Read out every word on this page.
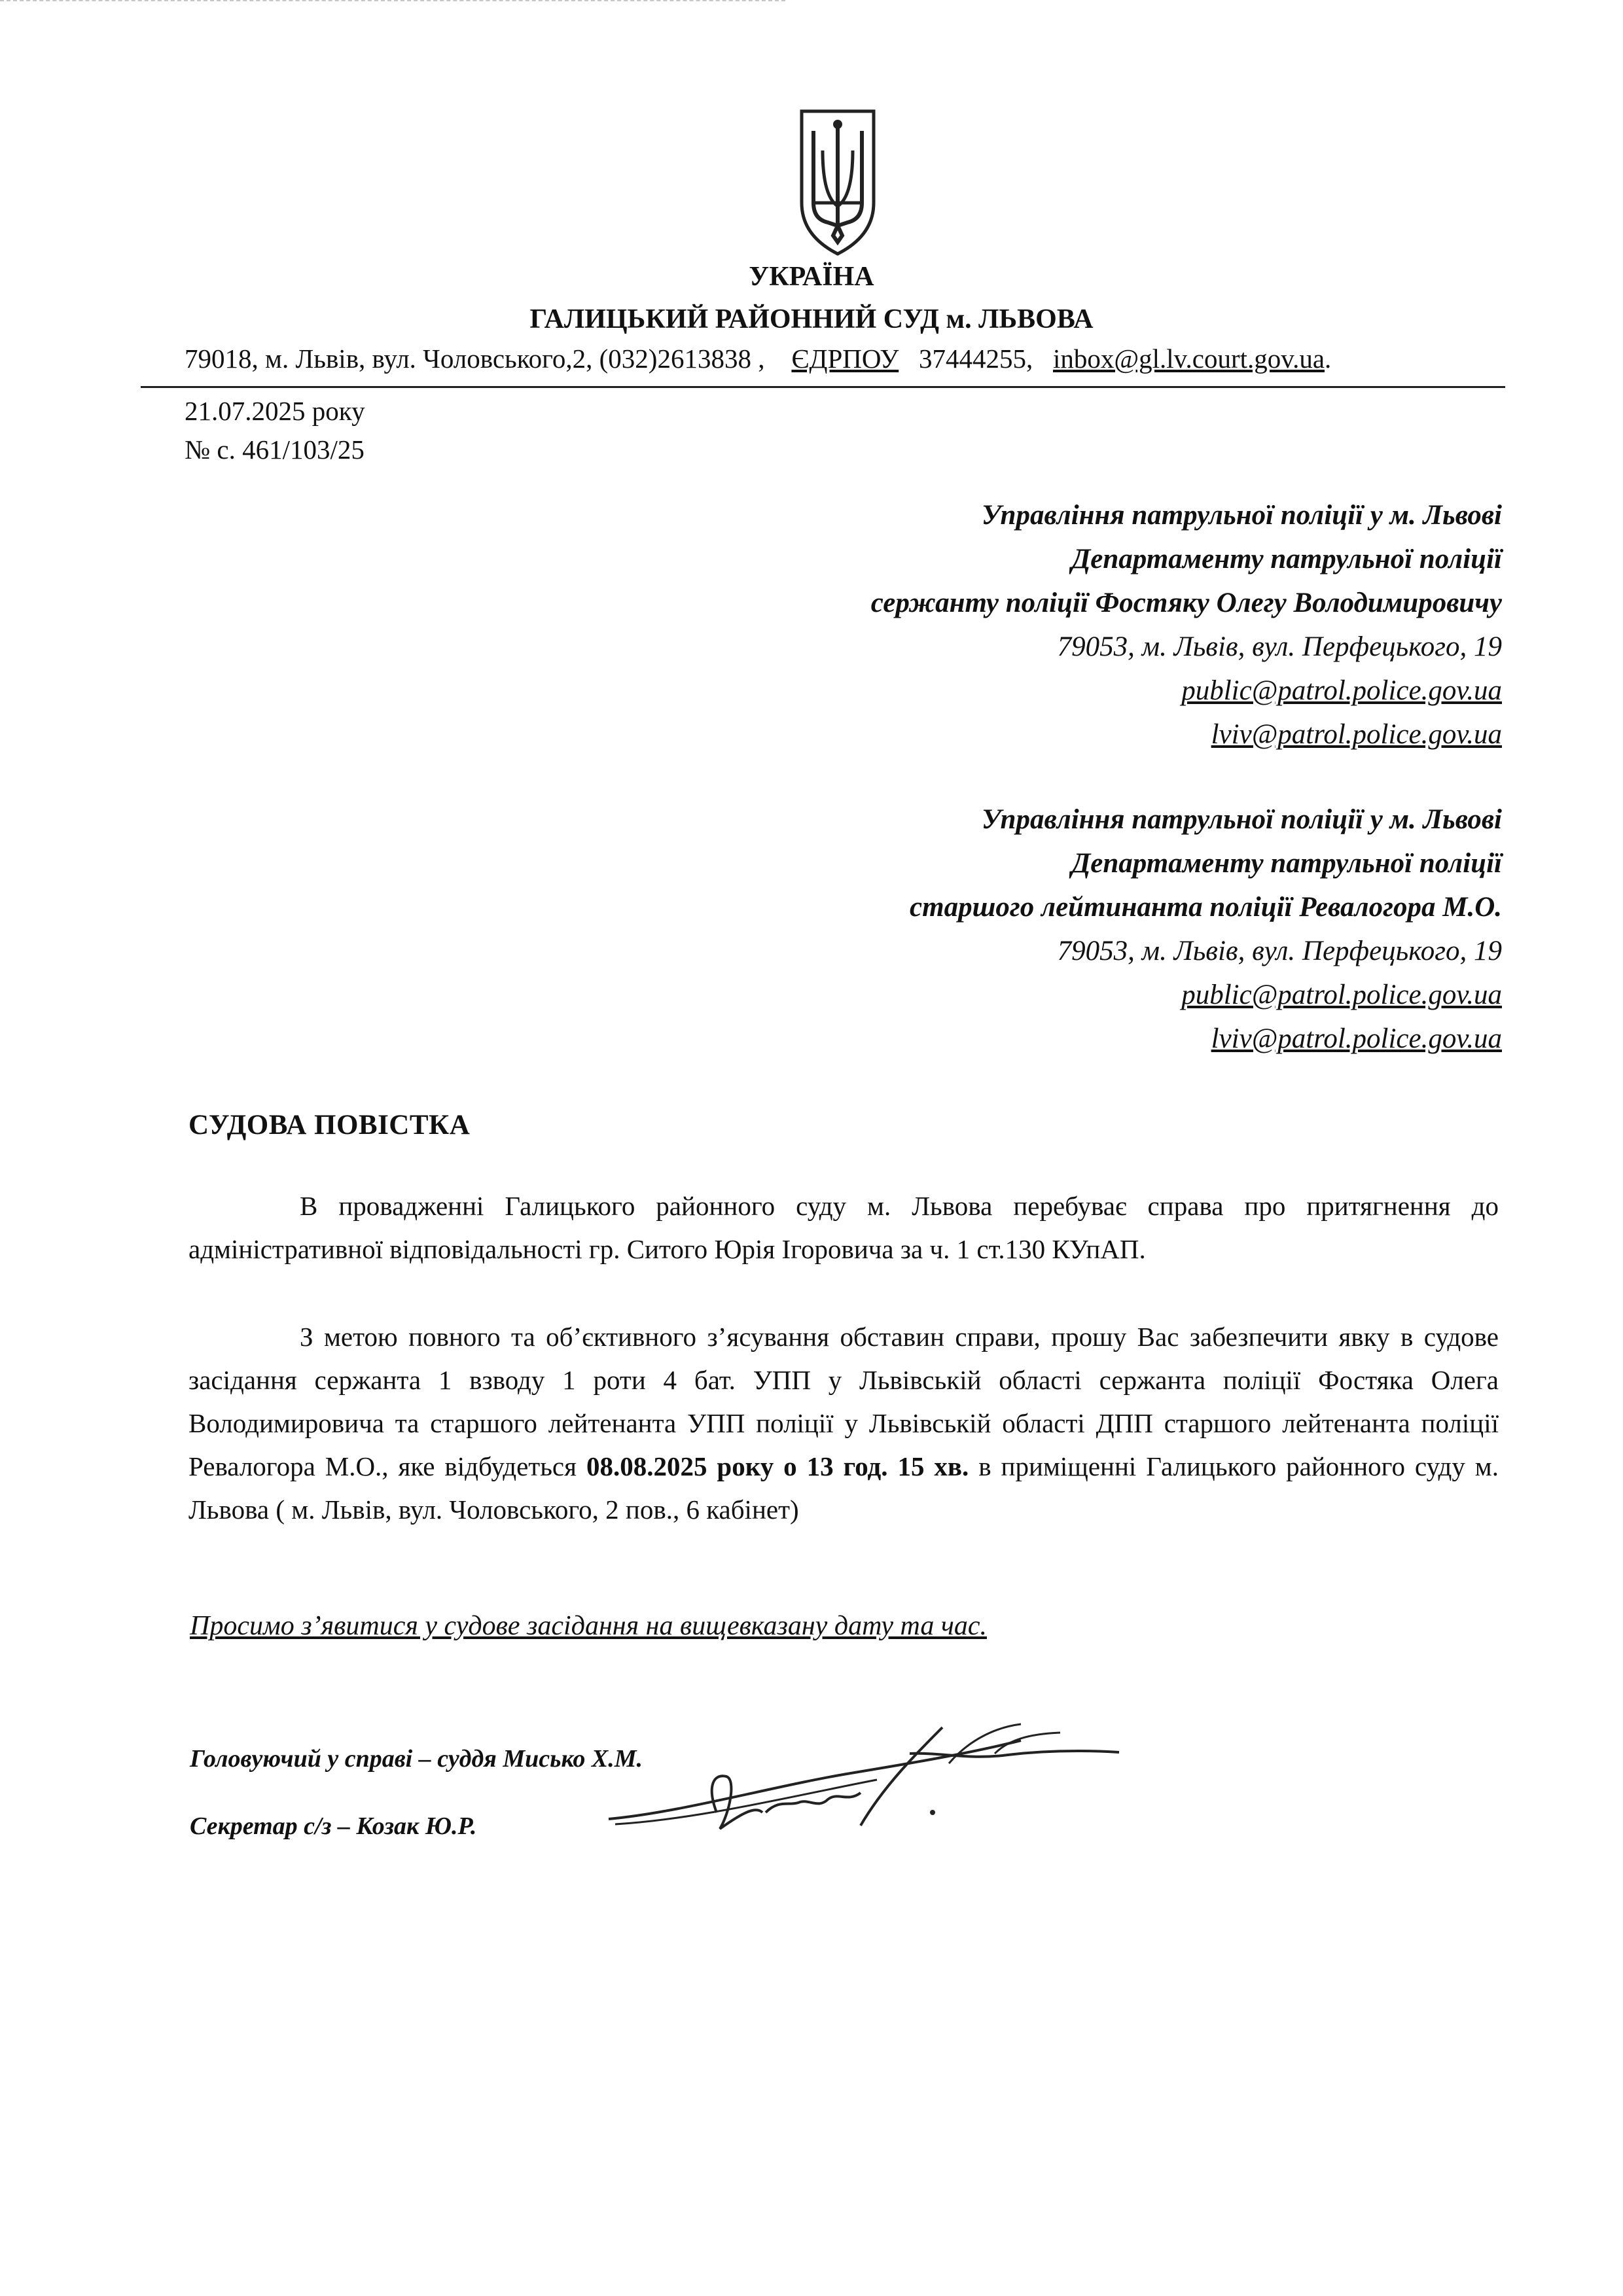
УКРАЇНА
ГАЛИЦЬКИЙ РАЙОННИЙ СУД м. ЛЬВОВА
79018, м. Львів, вул. Чоловського,2, (032)2613838 ,    ЄДРПОУ 37444255, inbox@gl.lv.court.gov.ua.
21.07.2025 року
№ с. 461/103/25
Управління патрульної поліції у м. Львові
Департаменту патрульної поліції
сержанту поліції Фостяку Олегу Володимировичу
79053, м. Львів, вул. Перфецького, 19
public@patrol.police.gov.ua
lviv@patrol.police.gov.ua
Управління патрульної поліції у м. Львові
Департаменту патрульної поліції
старшого лейтинанта поліції Ревалогора М.О.
79053, м. Львів, вул. Перфецького, 19
public@patrol.police.gov.ua
lviv@patrol.police.gov.ua
СУДОВА ПОВІСТКА
В провадженні Галицького районного суду м. Львова перебуває справа про притягнення до адміністративної відповідальності гр. Ситого Юрія Ігоровича за ч. 1 ст.130 КУпАП.
З метою повного та об’єктивного з’ясування обставин справи, прошу Вас забезпечити явку в судове засідання сержанта 1 взводу 1 роти 4 бат. УПП у Львівській області сержанта поліції Фостяка Олега Володимировича та старшого лейтенанта УПП поліції у Львівській області ДПП старшого лейтенанта поліції Ревалогора М.О., яке відбудеться 08.08.2025 року о 13 год. 15 хв. в приміщенні Галицького районного суду м. Львова ( м. Львів, вул. Чоловського, 2 пов., 6 кабінет)
Просимо з’явитися у судове засідання на вищевказану дату та час.
Головуючий у справі – суддя Мисько Х.М.
Секретар с/з – Козак Ю.Р.
